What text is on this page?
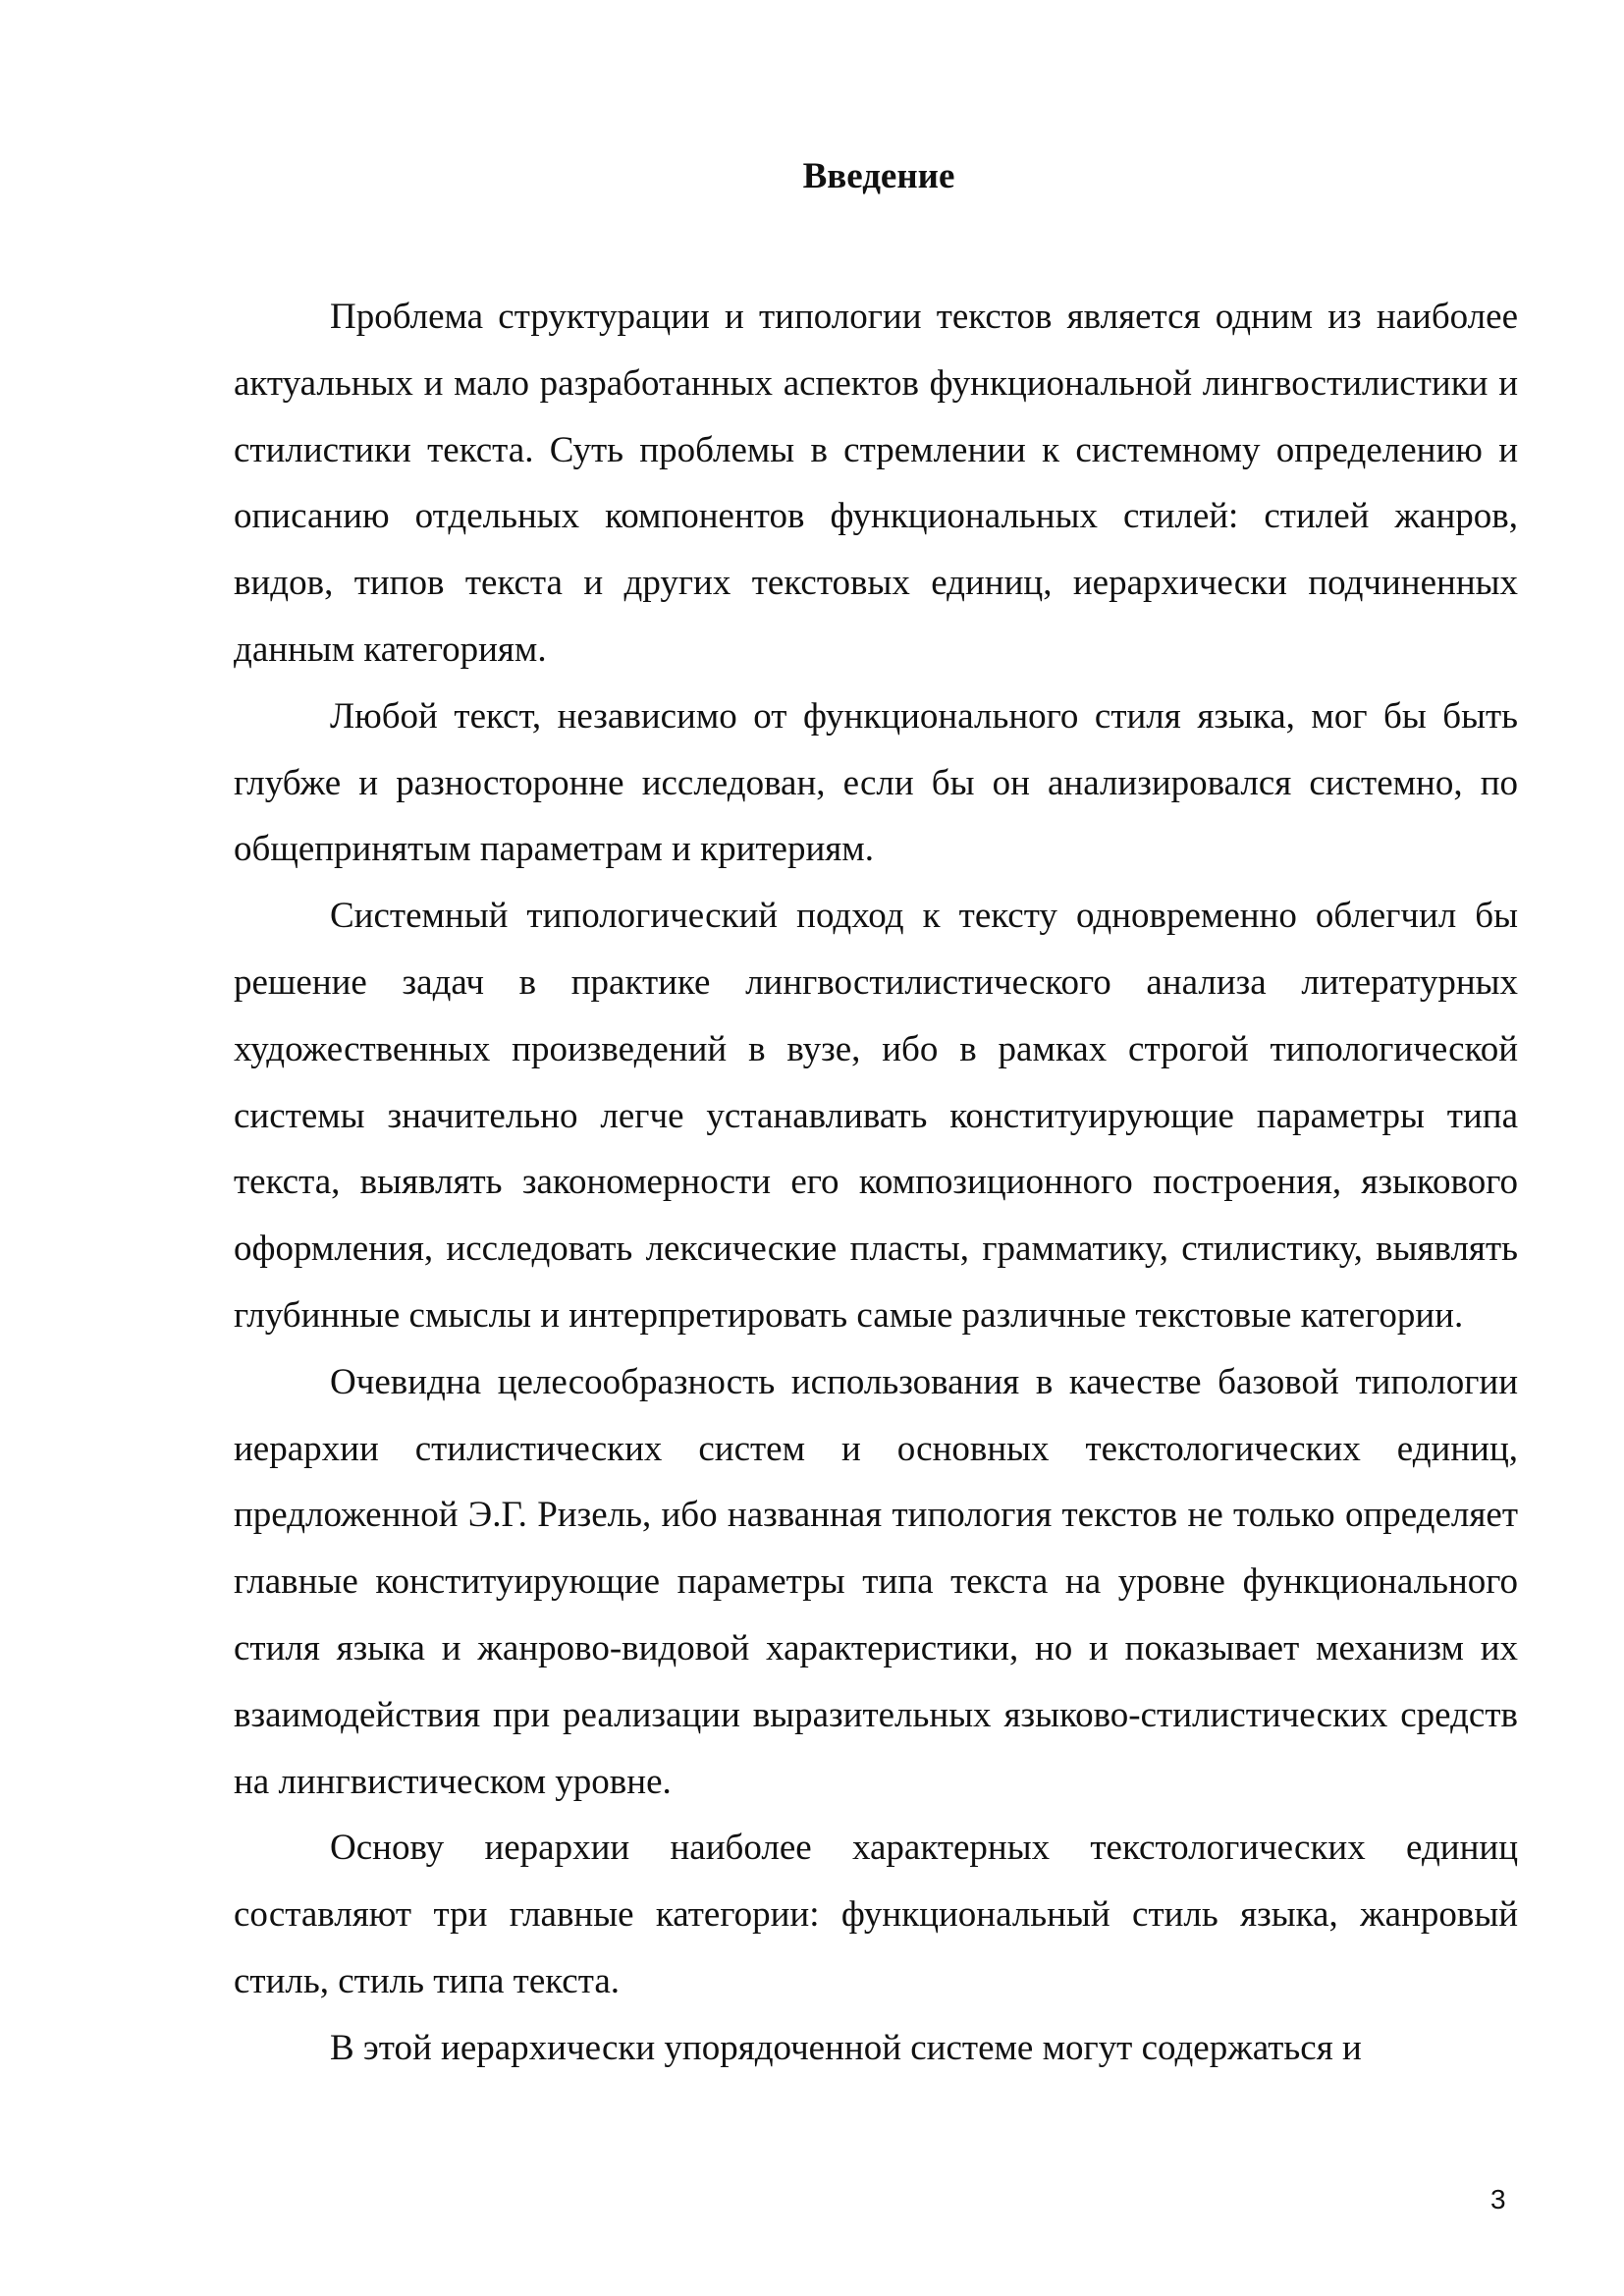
Введение

Проблема структурации и типологии текстов является одним из наиболее актуальных и мало разработанных аспектов функциональной лингвостилистики и стилистики текста. Суть проблемы в стремлении к системному определению и описанию отдельных компонентов функциональных стилей: стилей жанров, видов, типов текста и других текстовых единиц, иерархически подчиненных данным категориям.

Любой текст, независимо от функционального стиля языка, мог бы быть глубже и разносторонне исследован, если бы он анализировался системно, по общепринятым параметрам и критериям.

Системный типологический подход к тексту одновременно облегчил бы решение задач в практике лингвостилистического анализа литературных художественных произведений в вузе, ибо в рамках строгой типологической системы значительно легче устанавливать конституирующие параметры типа текста, выявлять закономерности его композиционного построения, языкового оформления, исследовать лексические пласты, грамматику, стилистику, выявлять глубинные смыслы и интерпретировать самые различные текстовые категории.

Очевидна целесообразность использования в качестве базовой типологии иерархии стилистических систем и основных текстологических единиц, предложенной Э.Г. Ризель, ибо названная типология текстов не только определяет главные конституирующие параметры типа текста на уровне функционального стиля языка и жанрово-видовой характеристики, но и показывает механизм их взаимодействия при реализации выразительных языково-стилистических средств на лингвистическом уровне.

Основу иерархии наиболее характерных текстологических единиц составляют три главные категории: функциональный стиль языка, жанровый стиль, стиль типа текста.

В этой иерархически упорядоченной системе могут содержаться и

3
